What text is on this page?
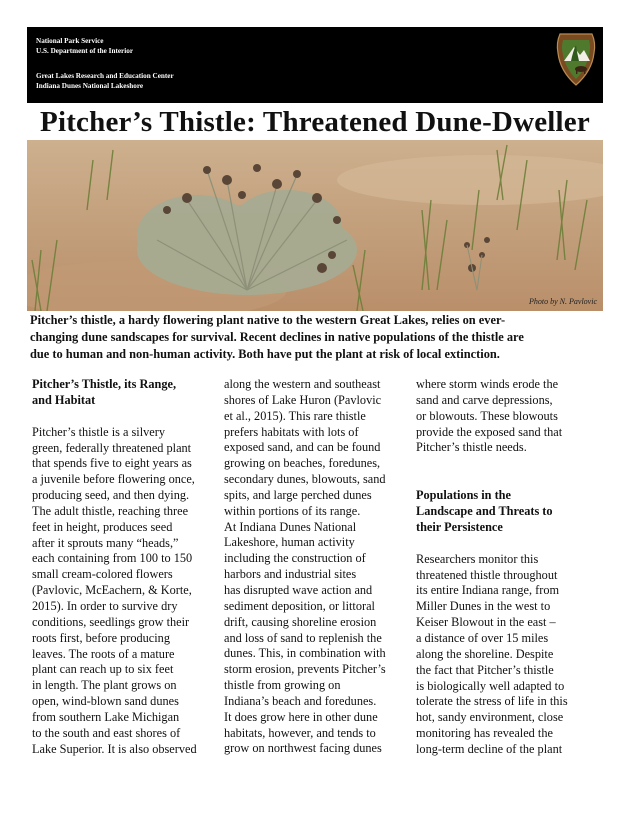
National Park Service
U.S. Department of the Interior
Great Lakes Research and Education Center
Indiana Dunes National Lakeshore
Pitcher’s Thistle: Threatened Dune-Dweller
Photo by N. Pavlovic
Pitcher’s thistle, a hardy flowering plant native to the western Great Lakes, relies on ever-
changing dune sandscapes for survival. Recent declines in native populations of the thistle are
due to human and non-human activity. Both have put the plant at risk of local extinction.
Pitcher’s Thistle, its Range,
and Habitat
Pitcher’s thistle is a silvery
green, federally threatened plant
that spends five to eight years as
a juvenile before flowering once,
producing seed, and then dying.
The adult thistle, reaching three
feet in height, produces seed
after it sprouts many “heads,”
each containing from 100 to 150
small cream-colored flowers
(Pavlovic, McEachern, & Korte,
2015). In order to survive dry
conditions, seedlings grow their
roots first, before producing
leaves. The roots of a mature
plant can reach up to six feet
in length. The plant grows on
open, wind-blown sand dunes
from southern Lake Michigan
to the south and east shores of
Lake Superior. It is also observed
along the western and southeast
shores of Lake Huron (Pavlovic
et al., 2015). This rare thistle
prefers habitats with lots of
exposed sand, and can be found
growing on beaches, foredunes,
secondary dunes, blowouts, sand
spits, and large perched dunes
within portions of its range.
At Indiana Dunes National
Lakeshore, human activity
including the construction of
harbors and industrial sites
has disrupted wave action and
sediment deposition, or littoral
drift, causing shoreline erosion
and loss of sand to replenish the
dunes. This, in combination with
storm erosion, prevents Pitcher’s
thistle from growing on
Indiana’s beach and foredunes.
It does grow here in other dune
habitats, however, and tends to
grow on northwest facing dunes
where storm winds erode the
sand and carve depressions,
or blowouts. These blowouts
provide the exposed sand that
Pitcher’s thistle needs.
Populations in the
Landscape and Threats to
their Persistence
Researchers monitor this
threatened thistle throughout
its entire Indiana range, from
Miller Dunes in the west to
Keiser Blowout in the east –
a distance of over 15 miles
along the shoreline. Despite
the fact that Pitcher’s thistle
is biologically well adapted to
tolerate the stress of life in this
hot, sandy environment, close
monitoring has revealed the
long-term decline of the plant
